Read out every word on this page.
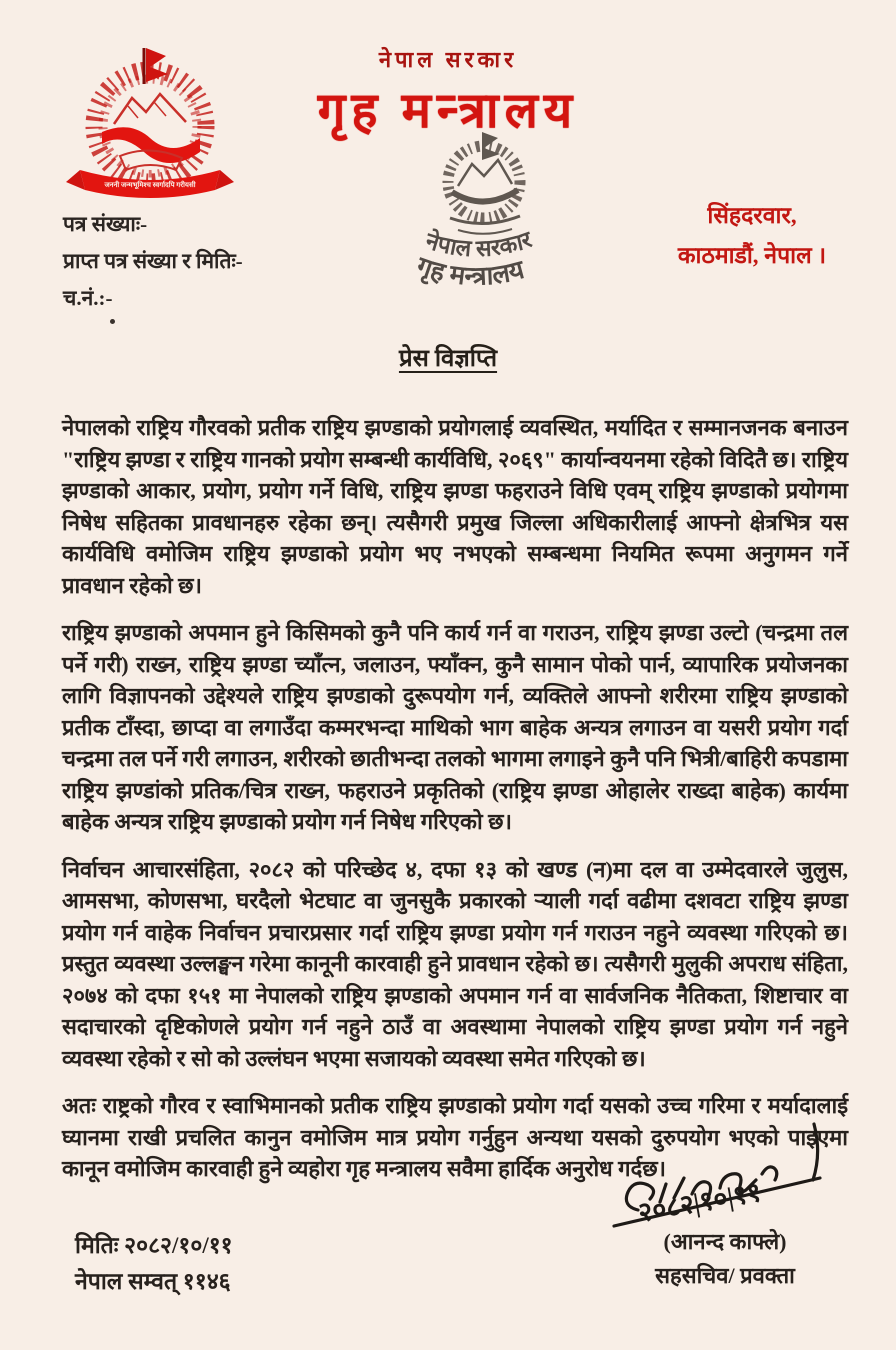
नेपाल सरकार
गृह मन्त्रालय
जननी जन्मभूमिश्च स्वर्गादपि गरीयसी
नेपाल सरकार
गृह मन्त्रालय
पत्र संख्याः-
प्राप्त पत्र संख्या र मितिः-
च.नं.:-
सिंहदरवार,
काठमाडौं, नेपाल ।
प्रेस विज्ञप्ति

नेपालको राष्ट्रिय गौरवको प्रतीक राष्ट्रिय झण्डाको प्रयोगलाई व्यवस्थित, मर्यादित र सम्मानजनक बनाउन "राष्ट्रिय झण्डा र राष्ट्रिय गानको प्रयोग सम्बन्धी कार्यविधि, २०६९" कार्यान्वयनमा रहेको विदितै छ। राष्ट्रिय झण्डाको आकार, प्रयोग, प्रयोग गर्ने विधि, राष्ट्रिय झण्डा फहराउने विधि एवम् राष्ट्रिय झण्डाको प्रयोगमा निषेध सहितका प्रावधानहरु रहेका छन्। त्यसैगरी प्रमुख जिल्ला अधिकारीलाई आफ्नो क्षेत्रभित्र यस कार्यविधि वमोजिम राष्ट्रिय झण्डाको प्रयोग भए नभएको सम्बन्धमा नियमित रूपमा अनुगमन गर्ने प्रावधान रहेको छ।

राष्ट्रिय झण्डाको अपमान हुने किसिमको कुनै पनि कार्य गर्न वा गराउन, राष्ट्रिय झण्डा उल्टो (चन्द्रमा तल पर्ने गरी) राख्न, राष्ट्रिय झण्डा च्याँत्न, जलाउन, फ्याँक्न, कुनै सामान पोको पार्न, व्यापारिक प्रयोजनका लागि विज्ञापनको उद्देश्यले राष्ट्रिय झण्डाको दुरूपयोग गर्न, व्यक्तिले आफ्नो शरीरमा राष्ट्रिय झण्डाको प्रतीक टाँस्दा, छाप्दा वा लगाउँदा कम्मरभन्दा माथिको भाग बाहेक अन्यत्र लगाउन वा यसरी प्रयोग गर्दा चन्द्रमा तल पर्ने गरी लगाउन, शरीरको छातीभन्दा तलको भागमा लगाइने कुनै पनि भित्री/बाहिरी कपडामा राष्ट्रिय झण्डांको प्रतिक/चित्र राख्न, फहराउने प्रकृतिको (राष्ट्रिय झण्डा ओहालेर राख्दा बाहेक) कार्यमा बाहेक अन्यत्र राष्ट्रिय झण्डाको प्रयोग गर्न निषेध गरिएको छ।

निर्वाचन आचारसंहिता, २०८२ को परिच्छेद ४, दफा १३ को खण्ड (न)मा दल वा उम्मेदवारले जुलुस, आमसभा, कोणसभा, घरदैलो भेटघाट वा जुनसुकै प्रकारको ऱ्याली गर्दा वढीमा दशवटा राष्ट्रिय झण्डा प्रयोग गर्न वाहेक निर्वाचन प्रचारप्रसार गर्दा राष्ट्रिय झण्डा प्रयोग गर्न गराउन नहुने व्यवस्था गरिएको छ। प्रस्तुत व्यवस्था उल्लङ्घन गरेमा कानूनी कारवाही हुने प्रावधान रहेको छ। त्यसैगरी मुलुकी अपराध संहिता, २०७४ को दफा १५१ मा नेपालको राष्ट्रिय झण्डाको अपमान गर्न वा सार्वजनिक नैतिकता, शिष्टाचार वा सदाचारको दृष्टिकोणले प्रयोग गर्न नहुने ठाउँ वा अवस्थामा नेपालको राष्ट्रिय झण्डा प्रयोग गर्न नहुने व्यवस्था रहेको र सो को उल्लंघन भएमा सजायको व्यवस्था समेत गरिएको छ।

अतः राष्ट्रको गौरव र स्वाभिमानको प्रतीक राष्ट्रिय झण्डाको प्रयोग गर्दा यसको उच्च गरिमा र मर्यादालाई घ्यानमा राखी प्रचलित कानुन वमोजिम मात्र प्रयोग गर्नुहुन अन्यथा यसको दुरुपयोग भएको पाइएमा कानून वमोजिम कारवाही हुने व्यहोरा गृह मन्त्रालय सवैमा हार्दिक अनुरोध गर्दछ।

२०८२|१०|११
(आनन्द काफ्ले)
सहसचिव/ प्रवक्ता
मितिः २०८२/१०/११
नेपाल सम्वत् ११४६
